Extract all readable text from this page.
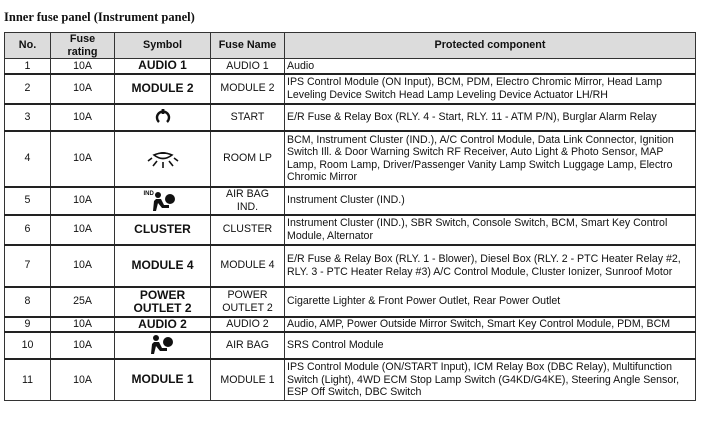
Inner fuse panel (Instrument panel)
No.	Fuse rating	Symbol	Fuse Name	Protected component
1	10A	AUDIO 1	AUDIO 1	Audio
2	10A	MODULE 2	MODULE 2	IPS Control Module (ON Input), BCM, PDM, Electro Chromic Mirror, Head Lamp Leveling Device Switch Head Lamp Leveling Device Actuator LH/RH
3	10A		START	E/R Fuse & Relay Box (RLY. 4 - Start, RLY. 11 - ATM P/N), Burglar Alarm Relay
4	10A		ROOM LP	BCM, Instrument Cluster (IND.), A/C Control Module, Data Link Connector, Ignition Switch Ill. & Door Warning Switch RF Receiver, Auto Light & Photo Sensor, MAP Lamp, Room Lamp, Driver/Passenger Vanity Lamp Switch Luggage Lamp, Electro Chromic Mirror
5	10A	IND	AIR BAG IND.	Instrument Cluster (IND.)
6	10A	CLUSTER	CLUSTER	Instrument Cluster (IND.), SBR Switch, Console Switch, BCM, Smart Key Control Module, Alternator
7	10A	MODULE 4	MODULE 4	E/R Fuse & Relay Box (RLY. 1 - Blower), Diesel Box (RLY. 2 - PTC Heater Relay #2, RLY. 3 - PTC Heater Relay #3) A/C Control Module, Cluster Ionizer, Sunroof Motor
8	25A	POWER OUTLET 2	POWER OUTLET 2	Cigarette Lighter & Front Power Outlet, Rear Power Outlet
9	10A	AUDIO 2	AUDIO 2	Audio, AMP, Power Outside Mirror Switch, Smart Key Control Module, PDM, BCM
10	10A		AIR BAG	SRS Control Module
11	10A	MODULE 1	MODULE 1	IPS Control Module (ON/START Input), ICM Relay Box (DBC Relay), Multifunction Switch (Light), 4WD ECM Stop Lamp Switch (G4KD/G4KE), Steering Angle Sensor, ESP Off Switch, DBC Switch
